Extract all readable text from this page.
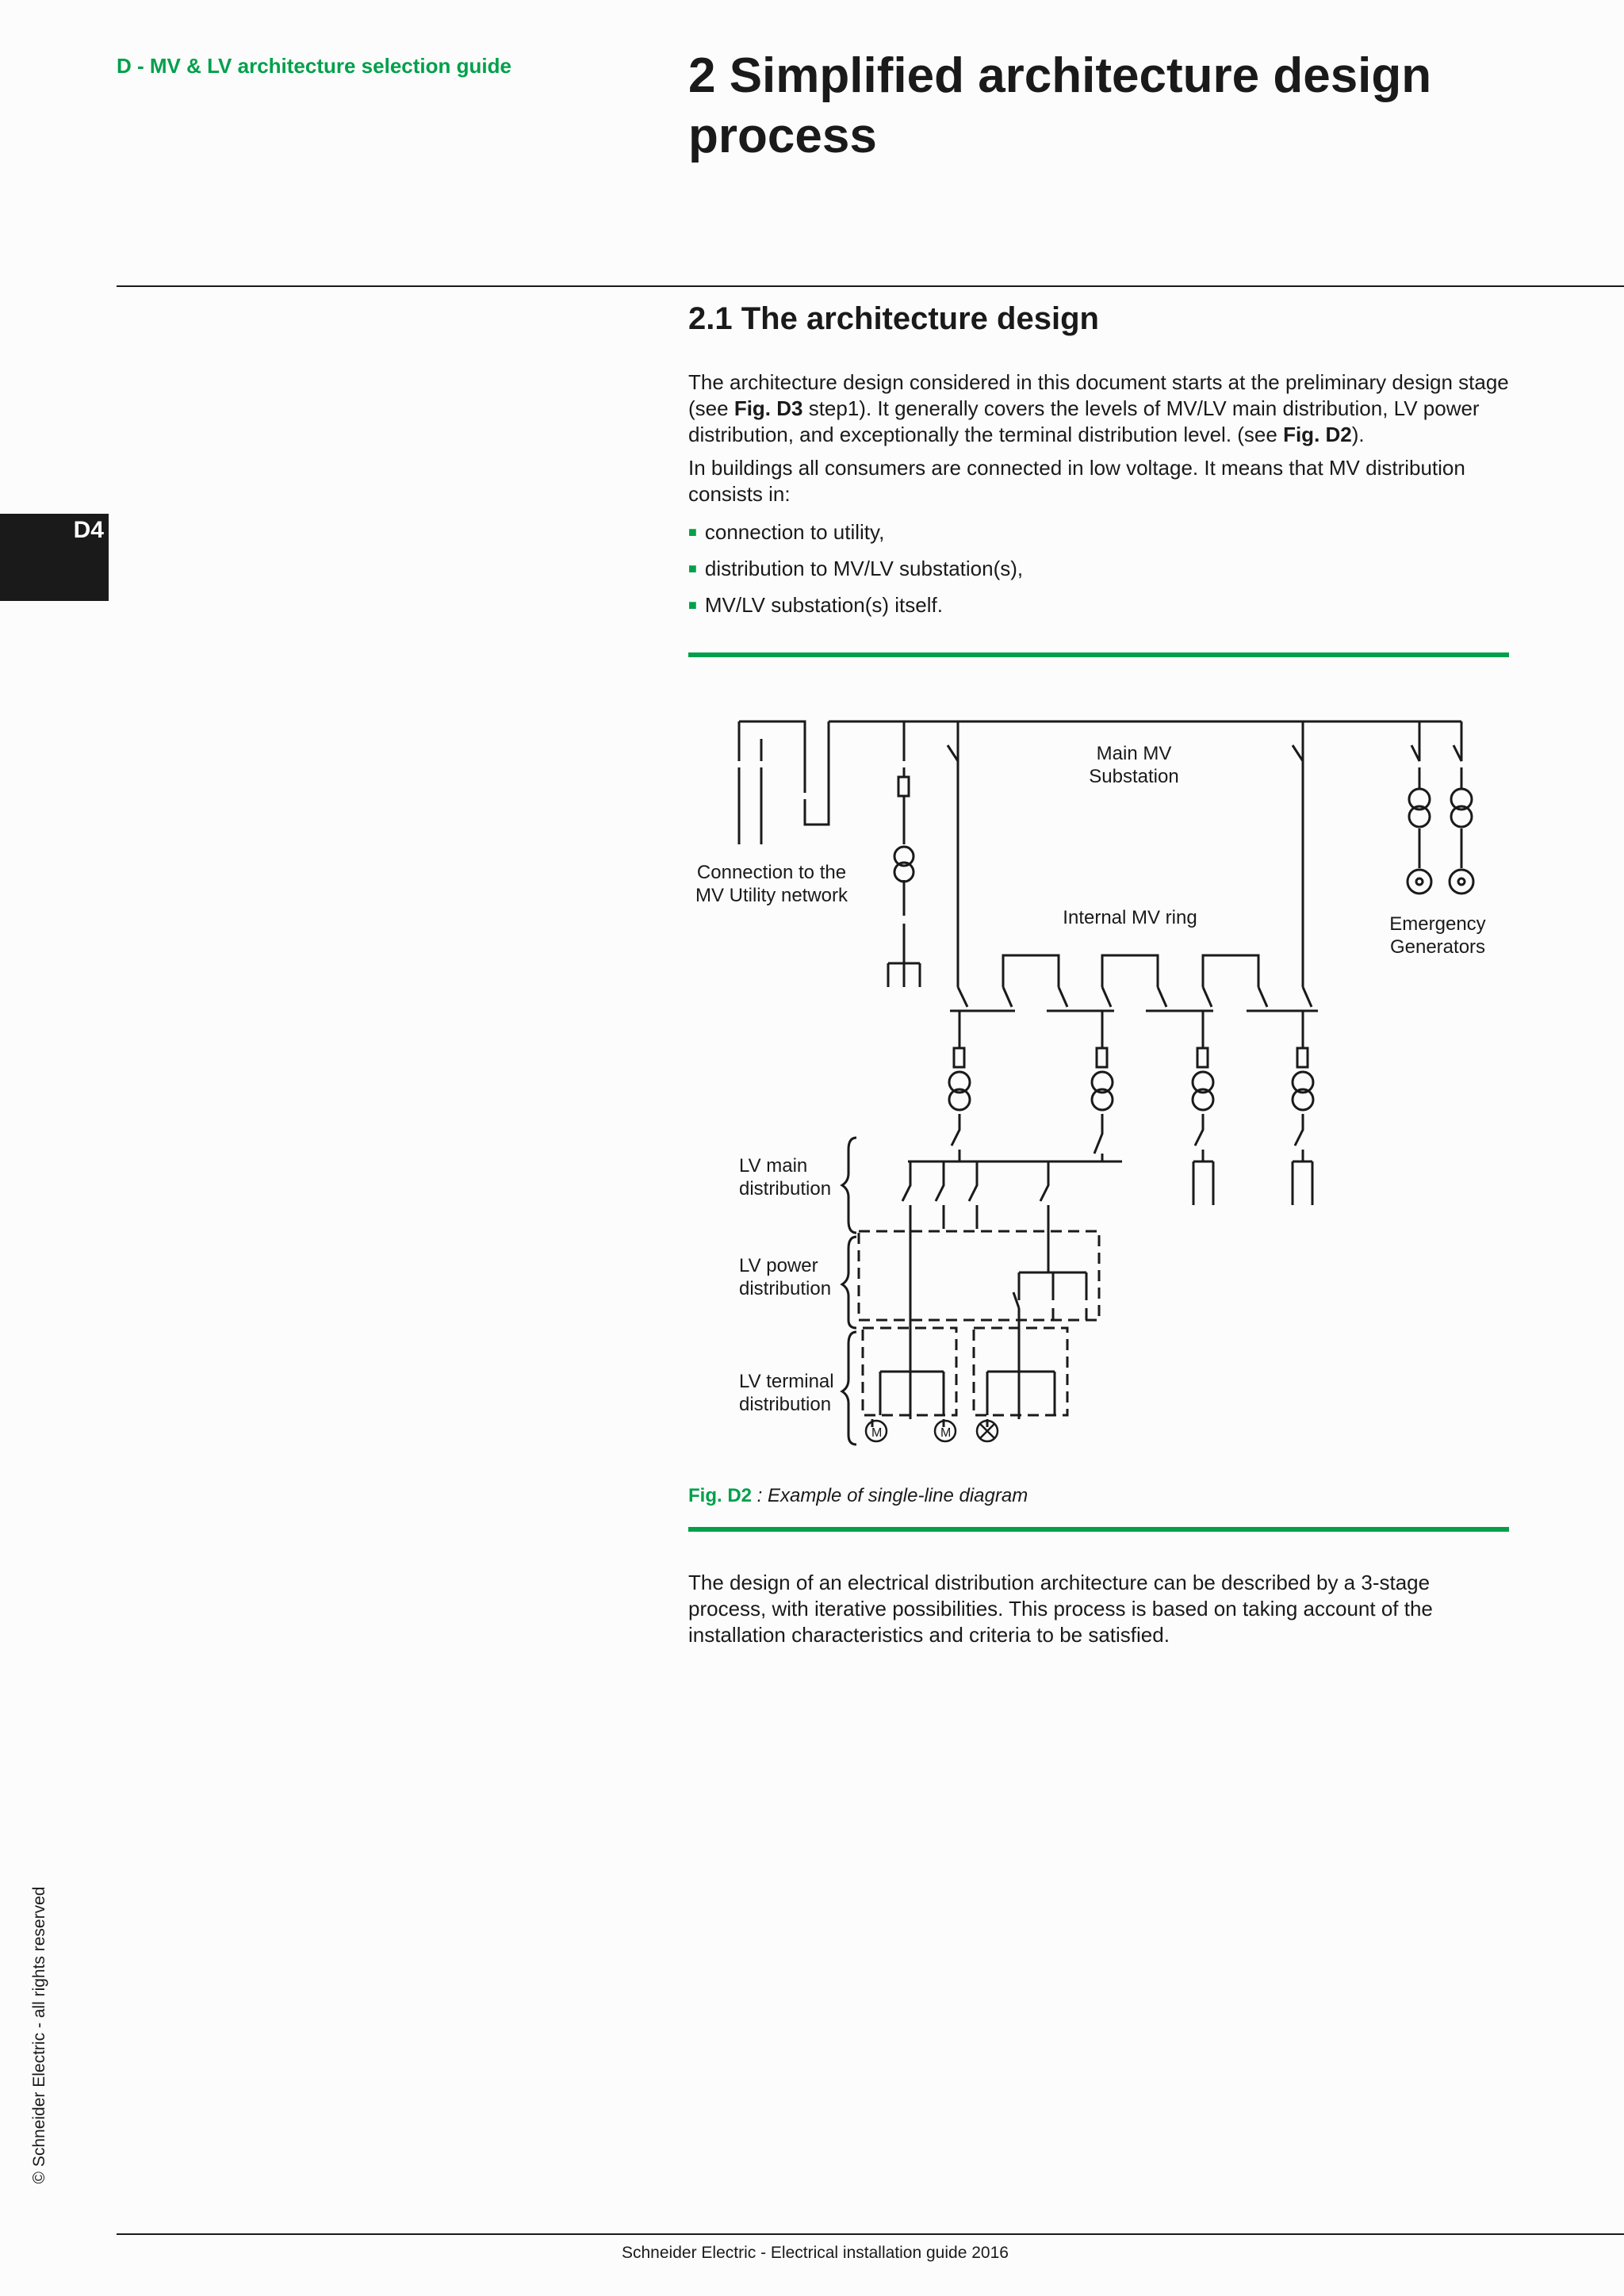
D - MV & LV architecture selection guide	2 Simplified architecture design process
D4
2.1 The architecture design

The architecture design considered in this document starts at the preliminary design stage (see Fig. D3 step1). It generally covers the levels of MV/LV main distribution, LV power distribution, and exceptionally the terminal distribution level. (see Fig. D2).

In buildings all consumers are connected in low voltage. It means that MV distribution consists in:

■ connection to utility,
■ distribution to MV/LV substation(s),
■ MV/LV substation(s) itself.
M	M
Main MV
Substation
Connection to the
MV Utility network
Internal MV ring	Emergency
Generators
LV main
distribution
LV power
distribution
LV terminal
distribution

Fig. D2 : Example of single-line diagram

The design of an electrical distribution architecture can be described by a 3-stage process, with iterative possibilities. This process is based on taking account of the installation characteristics and criteria to be satisfied.

© Schneider Electric - all rights reserved

Schneider Electric - Electrical installation guide 2016
